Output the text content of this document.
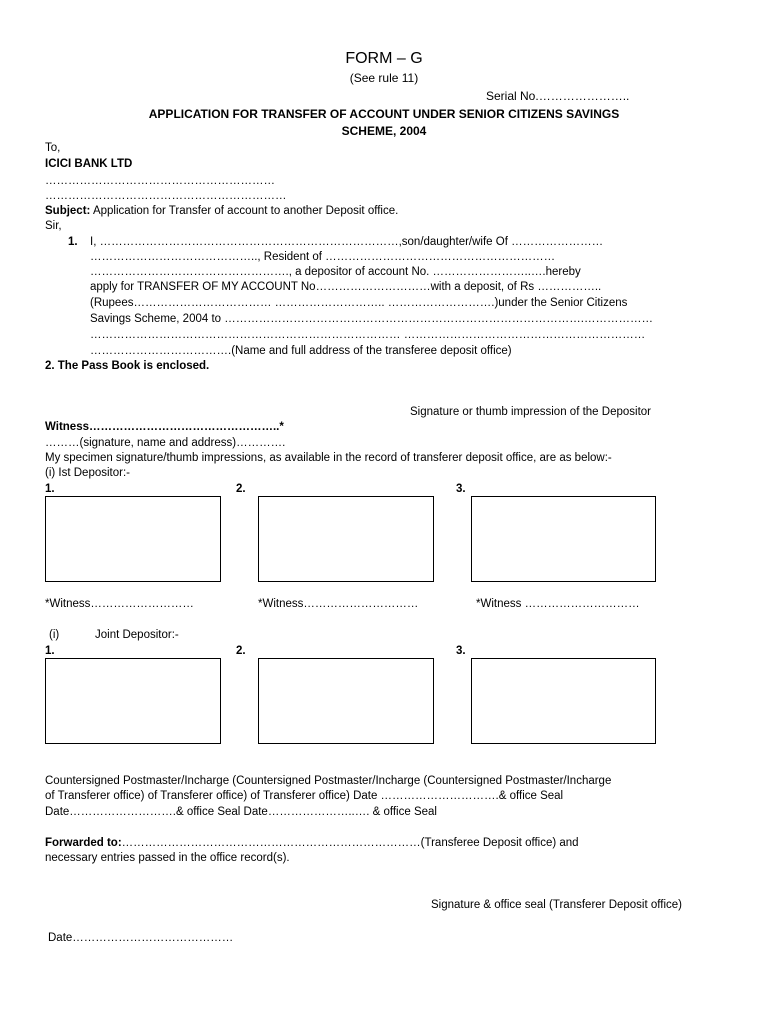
FORM – G
(See rule 11)
Serial No.…………………..
APPLICATION FOR TRANSFER OF ACCOUNT UNDER SENIOR CITIZENS SAVINGS
SCHEME, 2004
To,
ICICI BANK LTD
……………………………………………………
………………………………………………………
Subject: Application for Transfer of account to another Deposit office.
Sir,
1. I, ……………………………………………………………………,son/daughter/wife Of ……………………
…………………………………….., Resident of ……………………………………………………
……………………………………………., a depositor of account No. ……………………..….hereby
apply for TRANSFER OF MY ACCOUNT No…………………………with a deposit, of Rs ……………..
(Rupees……………………………… ……………………….. ……………………….)under the Senior Citizens
Savings Scheme, 2004 to ………………………………………………………………………………….………………
……………………………………………………………………… ………………………………………………………
……………………………….(Name and full address of the transferee deposit office)
2. The Pass Book is enclosed.
Signature or thumb impression of the Depositor
Witness…………………………………………..*
………(signature, name and address)………….
My specimen signature/thumb impressions, as available in the record of transferer deposit office, are as below:-
(i) Ist Depositor:-
1.	2.	3.
*Witness………………………	*Witness…………………………	*Witness …………………………
(i)	Joint Depositor:-
1.	2.	3.
Countersigned Postmaster/Incharge (Countersigned Postmaster/Incharge (Countersigned Postmaster/Incharge
of Transferer office) of Transferer office) of Transferer office) Date ………………………….& office Seal
Date……………………….& office Seal Date…………………..…. & office Seal
Forwarded to:……………………………………………………………………(Transferee Deposit office) and
necessary entries passed in the office record(s).
Signature & office seal (Transferer Deposit office)
Date……………………………………
